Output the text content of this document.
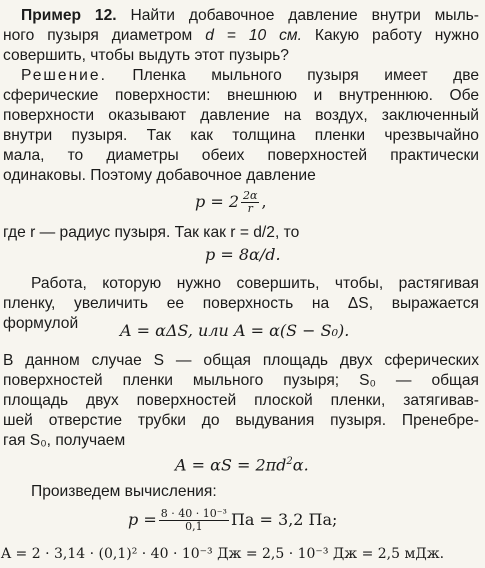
Пример 12. Найти добавочное давление внутри мыль-
ного пузыря диаметром d = 10 см. Какую работу нужно
совершить, чтобы выдуть этот пузырь?
Решение. Пленка мыльного пузыря имеет две
сферические поверхности: внешнюю и внутреннюю. Обе
поверхности оказывают давление на воздух, заключенный
внутри пузыря. Так как толщина пленки чрезвычайно
мала, то диаметры обеих поверхностей практически
одинаковы. Поэтому добавочное давление
$p = 2 \frac{2\alpha}{r}$ ,
где r — радиус пузыря. Так как r = d/2, то
p = 8α/d.
Работа, которую нужно совершить, чтобы, растягивая
пленку, увеличить ее поверхность на ΔS, выражается
формулой	A = αΔS, или A = α(S − S₀).
В данном случае S — общая площадь двух сферических
поверхностей пленки мыльного пузыря; S₀ — общая
площадь двух поверхностей плоской пленки, затягивав-
шей отверстие трубки до выдувания пузыря. Пренебре-
гая S₀, получаем
$A = \alpha S = 2\pi d^2\alpha$.
Произведем вычисления:
$p = \frac{\text{8 · 40 · 10⁻³}}{0,1}$ Па = 3,2 Па;
A = 2 · 3,14 · (0,1)² · 40 · 10⁻³ Дж = 2,5 · 10⁻³ Дж = 2,5 мДж.
